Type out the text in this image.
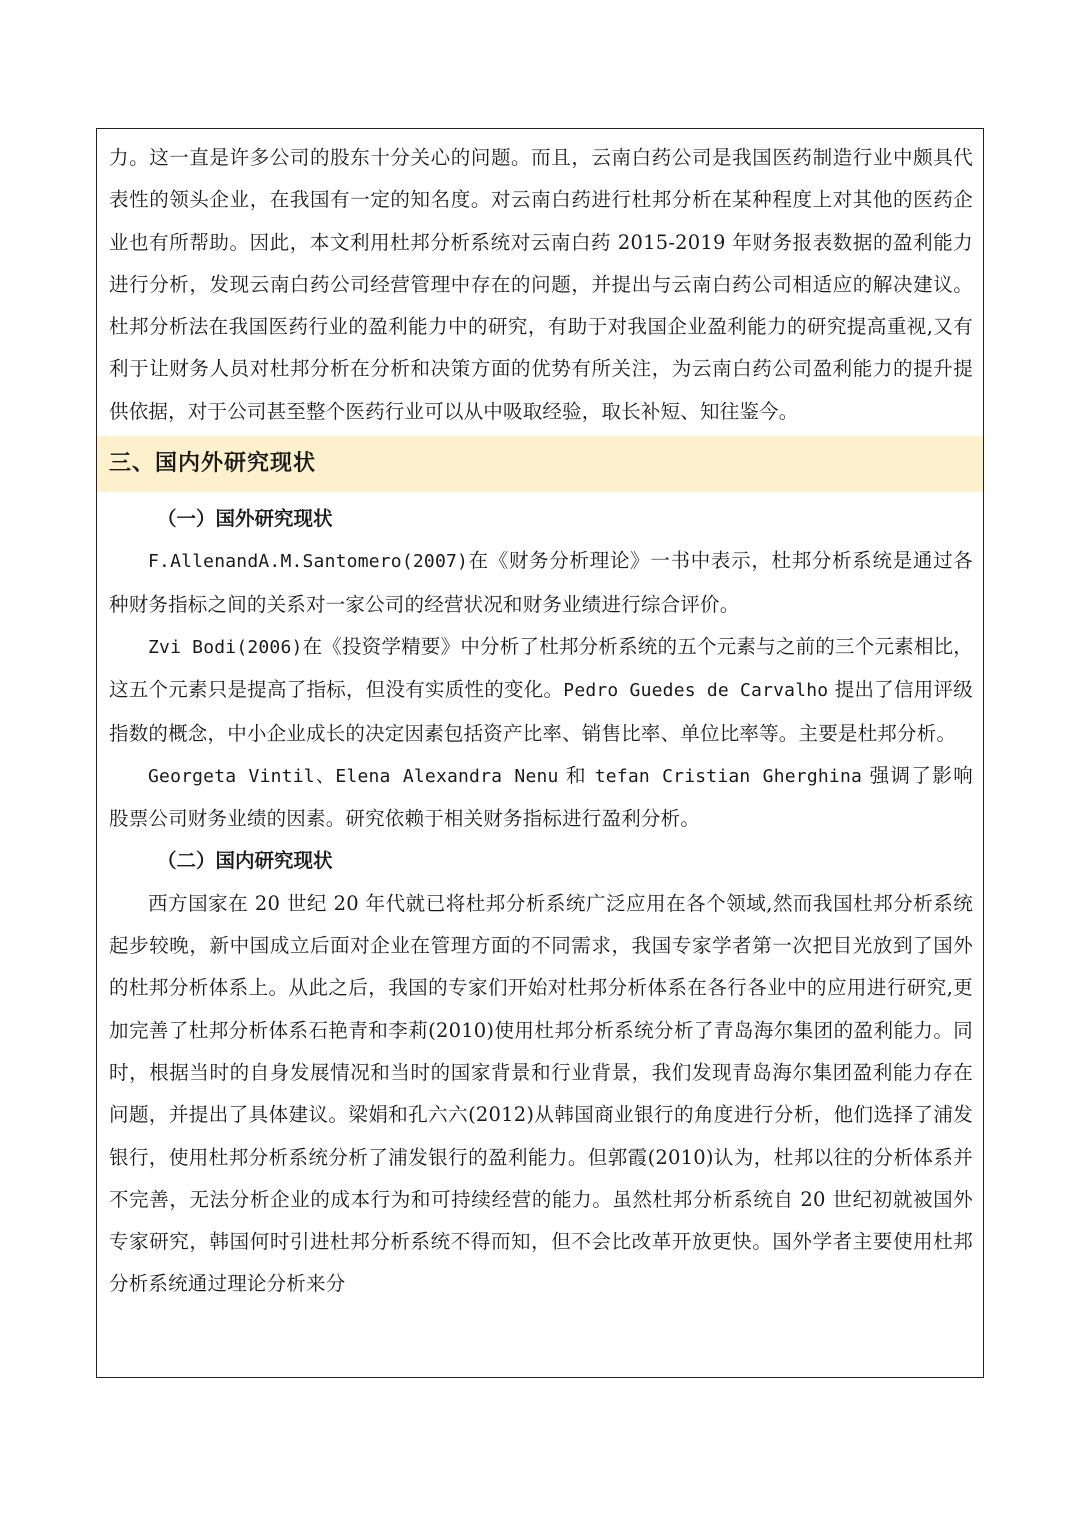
力。这一直是许多公司的股东十分关心的问题。而且，云南白药公司是我国医药制造行业中颇具代表性的领头企业，在我国有一定的知名度。对云南白药进行杜邦分析在某种程度上对其他的医药企业也有所帮助。因此，本文利用杜邦分析系统对云南白药 2015-2019 年财务报表数据的盈利能力进行分析，发现云南白药公司经营管理中存在的问题，并提出与云南白药公司相适应的解决建议。杜邦分析法在我国医药行业的盈利能力中的研究，有助于对我国企业盈利能力的研究提高重视,又有利于让财务人员对杜邦分析在分析和决策方面的优势有所关注，为云南白药公司盈利能力的提升提供依据，对于公司甚至整个医药行业可以从中吸取经验，取长补短、知往鉴今。

三、国内外研究现状

（一）国外研究现状

F.AllenandA.M.Santomero(2007)在《财务分析理论》一书中表示，杜邦分析系统是通过各种财务指标之间的关系对一家公司的经营状况和财务业绩进行综合评价。

Zvi Bodi(2006)在《投资学精要》中分析了杜邦分析系统的五个元素与之前的三个元素相比，这五个元素只是提高了指标，但没有实质性的变化。Pedro Guedes de Carvalho 提出了信用评级指数的概念，中小企业成长的决定因素包括资产比率、销售比率、单位比率等。主要是杜邦分析。

Georgeta Vintil、Elena Alexandra Nenu 和 tefan Cristian Gherghina 强调了影响股票公司财务业绩的因素。研究依赖于相关财务指标进行盈利分析。

（二）国内研究现状

西方国家在 20 世纪 20 年代就已将杜邦分析系统广泛应用在各个领域,然而我国杜邦分析系统起步较晚，新中国成立后面对企业在管理方面的不同需求，我国专家学者第一次把目光放到了国外的杜邦分析体系上。从此之后，我国的专家们开始对杜邦分析体系在各行各业中的应用进行研究,更加完善了杜邦分析体系石艳青和李莉(2010)使用杜邦分析系统分析了青岛海尔集团的盈利能力。同时，根据当时的自身发展情况和当时的国家背景和行业背景，我们发现青岛海尔集团盈利能力存在问题，并提出了具体建议。梁娟和孔六六(2012)从韩国商业银行的角度进行分析，他们选择了浦发银行，使用杜邦分析系统分析了浦发银行的盈利能力。但郭霞(2010)认为，杜邦以往的分析体系并不完善，无法分析企业的成本行为和可持续经营的能力。虽然杜邦分析系统自 20 世纪初就被国外专家研究，韩国何时引进杜邦分析系统不得而知，但不会比改革开放更快。国外学者主要使用杜邦分析系统通过理论分析来分
